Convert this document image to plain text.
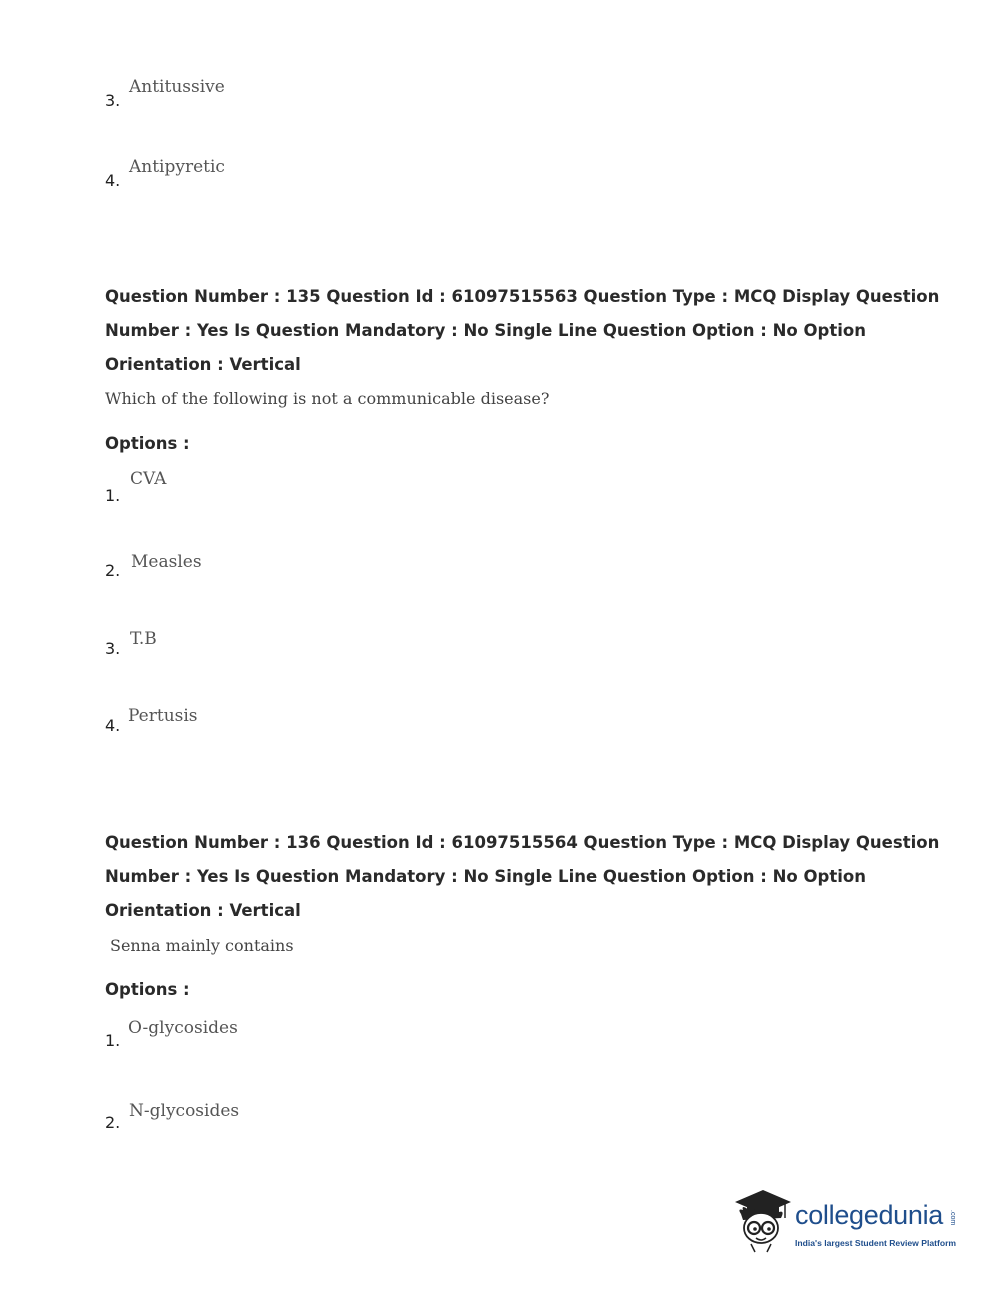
3.
Antitussive
4.
Antipyretic
Question Number : 135 Question Id : 61097515563 Question Type : MCQ Display Question
Number : Yes Is Question Mandatory : No Single Line Question Option : No Option
Orientation : Vertical
Which of the following is not a communicable disease?
Options :
1.
CVA
2. Measles
3. T.B
4. Pertusis
Question Number : 136 Question Id : 61097515564 Question Type : MCQ Display Question
Number : Yes Is Question Mandatory : No Single Line Question Option : No Option
Orientation : Vertical
Senna mainly contains
Options :
1.
O-glycosides
2.
N-glycosides
collegedunia .com
India's largest Student Review Platform
